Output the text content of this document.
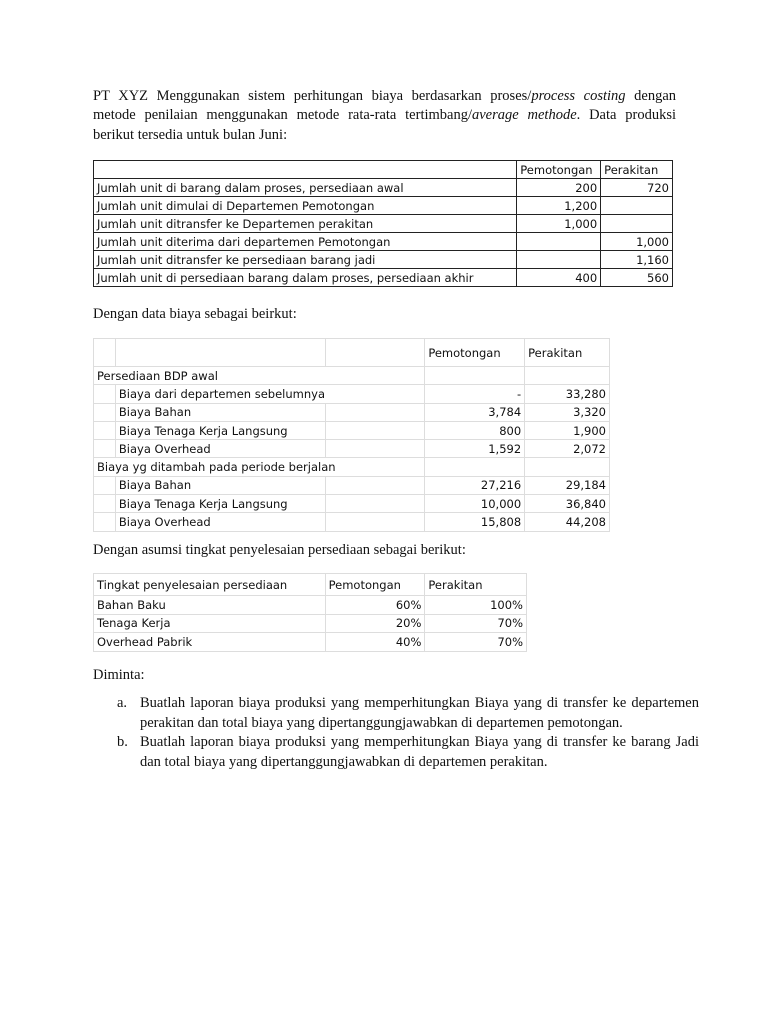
PT XYZ Menggunakan sistem perhitungan biaya berdasarkan proses/process costing dengan metode penilaian menggunakan metode rata-rata tertimbang/average methode. Data produksi berikut tersedia untuk bulan Juni:

	Pemotongan	Perakitan
Jumlah unit di barang dalam proses, persediaan awal	200	720
Jumlah unit dimulai di Departemen Pemotongan	1,200	
Jumlah unit ditransfer ke Departemen perakitan	1,000	
Jumlah unit diterima dari departemen Pemotongan		1,000
Jumlah unit ditransfer ke persediaan barang jadi		1,160
Jumlah unit di persediaan barang dalam proses, persediaan akhir	400	560

Dengan data biaya sebagai beirkut:

			Pemotongan	Perakitan
Persediaan BDP awal				
	Biaya dari departemen sebelumnya		-	33,280
	Biaya Bahan		3,784	3,320
	Biaya Tenaga Kerja Langsung		800	1,900
	Biaya Overhead		1,592	2,072
Biaya yg ditambah pada periode berjalan				
	Biaya Bahan		27,216	29,184
	Biaya Tenaga Kerja Langsung		10,000	36,840
	Biaya Overhead		15,808	44,208

Dengan asumsi tingkat penyelesaian persediaan sebagai berikut:

Tingkat penyelesaian persediaan	Pemotongan	Perakitan
Bahan Baku	60%	100%
Tenaga Kerja	20%	70%
Overhead Pabrik	40%	70%

Diminta:

a. Buatlah laporan biaya produksi yang memperhitungkan Biaya yang di transfer ke departemen perakitan dan total biaya yang dipertanggungjawabkan di departemen pemotongan.
b. Buatlah laporan biaya produksi yang memperhitungkan Biaya yang di transfer ke barang Jadi dan total biaya yang dipertanggungjawabkan di departemen perakitan.
